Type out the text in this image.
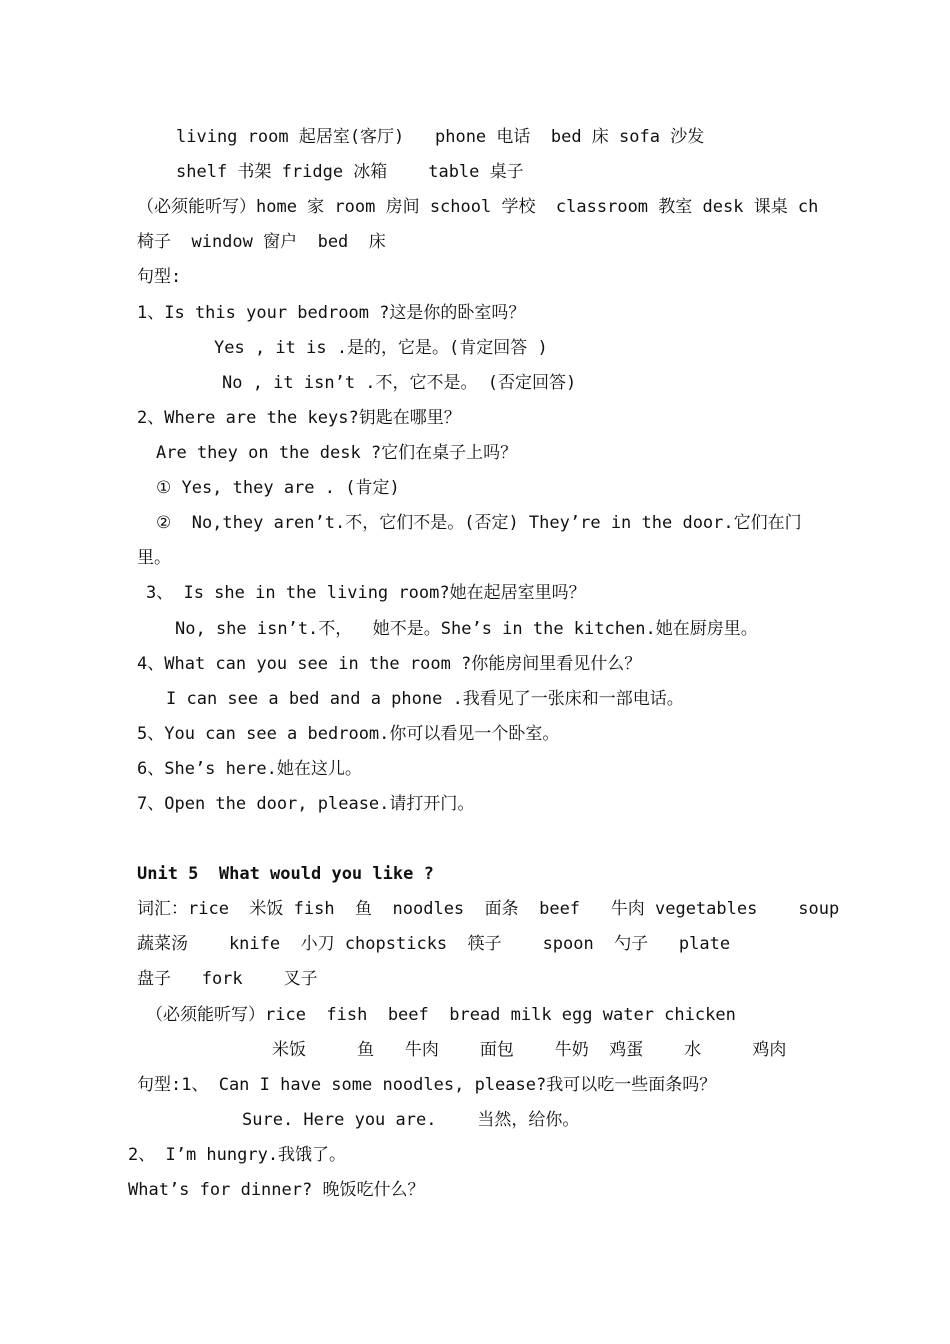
living room 起居室(客厅)   phone 电话  bed 床 sofa 沙发
shelf 书架 fridge 冰箱    table 桌子
（必须能听写）home 家 room 房间 school 学校  classroom 教室 desk 课桌 ch
椅子  window 窗户  bed  床
句型:
1、Is this your bedroom ?这是你的卧室吗？
Yes , it is .是的，它是。(肯定回答 )
No , it isn’t .不，它不是。 (否定回答)
2、Where are the keys?钥匙在哪里？
Are they on the desk ?它们在桌子上吗？
① Yes, they are . (肯定)
②  No,they aren’t.不，它们不是。(否定) They’re in the door.它们在门
里。
3、 Is she in the living room?她在起居室里吗？
No, she isn’t.不，  她不是。She’s in the kitchen.她在厨房里。
4、What can you see in the room ?你能房间里看见什么？
I can see a bed and a phone .我看见了一张床和一部电话。
5、You can see a bedroom.你可以看见一个卧室。
6、She’s here.她在这儿。
7、Open the door, please.请打开门。
Unit 5  What would you like ?
词汇：rice  米饭 fish  鱼  noodles  面条  beef   牛肉 vegetables    soup
蔬菜汤    knife  小刀 chopsticks  筷子    spoon  勺子   plate
盘子   fork    叉子
（必须能听写）rice  fish  beef  bread milk egg water chicken
米饭     鱼   牛肉    面包    牛奶  鸡蛋    水     鸡肉
句型:1、 Can I have some noodles, please?我可以吃一些面条吗？
Sure. Here you are.    当然，给你。
2、 I’m hungry.我饿了。
What’s for dinner? 晚饭吃什么？
